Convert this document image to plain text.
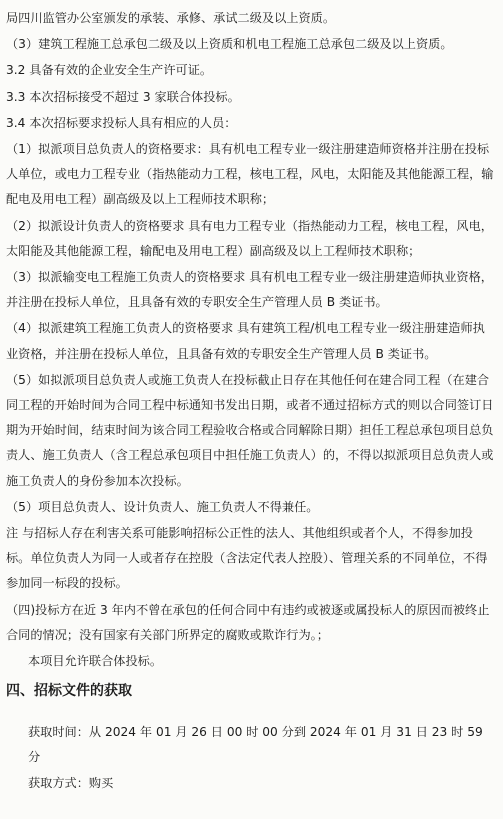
局四川监管办公室颁发的承装、承修、承试二级及以上资质。

（3）建筑工程施工总承包二级及以上资质和机电工程施工总承包二级及以上资质。

3.2 具备有效的企业安全生产许可证。

3.3 本次招标接受不超过 3 家联合体投标。

3.4 本次招标要求投标人具有相应的人员：

（1）拟派项目总负责人的资格要求：具有机电工程专业一级注册建造师资格并注册在投标人单位，或电力工程专业（指热能动力工程，核电工程，风电，太阳能及其他能源工程，输配电及用电工程）副高级及以上工程师技术职称；

（2）拟派设计负责人的资格要求 具有电力工程专业（指热能动力工程，核电工程，风电，太阳能及其他能源工程，输配电及用电工程）副高级及以上工程师技术职称；

（3）拟派输变电工程施工负责人的资格要求 具有机电工程专业一级注册建造师执业资格，并注册在投标人单位，且具备有效的专职安全生产管理人员 B 类证书。

（4）拟派建筑工程施工负责人的资格要求 具有建筑工程/机电工程专业一级注册建造师执业资格，并注册在投标人单位，且具备有效的专职安全生产管理人员 B 类证书。

（5）如拟派项目总负责人或施工负责人在投标截止日存在其他任何在建合同工程（在建合同工程的开始时间为合同工程中标通知书发出日期，或者不通过招标方式的则以合同签订日期为开始时间，结束时间为该合同工程验收合格或合同解除日期）担任工程总承包项目总负责人、施工负责人（含工程总承包项目中担任施工负责人）的，不得以拟派项目总负责人或施工负责人的身份参加本次投标。

（5）项目总负责人、设计负责人、施工负责人不得兼任。

注 与招标人存在利害关系可能影响招标公正性的法人、其他组织或者个人，不得参加投标。单位负责人为同一人或者存在控股（含法定代表人控股）、管理关系的不同单位，不得参加同一标段的投标。

（四)投标方在近 3 年内不曾在承包的任何合同中有违约或被逐或属投标人的原因而被终止合同的情况；没有国家有关部门所界定的腐败或欺诈行为。；

本项目允许联合体投标。

四、招标文件的获取

获取时间：从 2024 年 01 月 26 日 00 时 00 分到 2024 年 01 月 31 日 23 时 59 分

获取方式：购买
